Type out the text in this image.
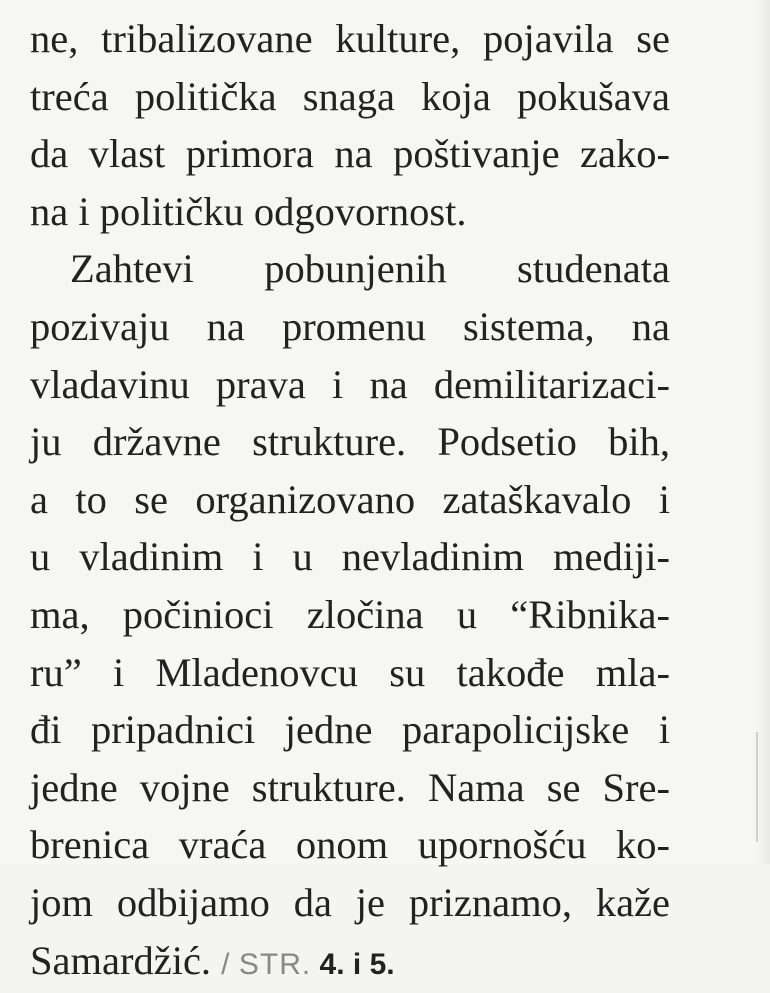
ne, tribalizovane kulture, pojavila se
treća politička snaga koja pokušava
da vlast primora na poštivanje zako-
na i političku odgovornost.
Zahtevi pobunjenih studenata
pozivaju na promenu sistema, na
vladavinu prava i na demilitarizaci-
ju državne strukture. Podsetio bih,
a to se organizovano zataškavalo i
u vladinim i u nevladinim mediji-
ma, počinioci zločina u “Ribnika-
ru” i Mladenovcu su takođe mla-
đi pripadnici jedne parapolicijske i
jedne vojne strukture. Nama se Sre-
brenica vraća onom upornošću ko-
jom odbijamo da je priznamo, kaže
Samardžić. / STR. 4. i 5.
